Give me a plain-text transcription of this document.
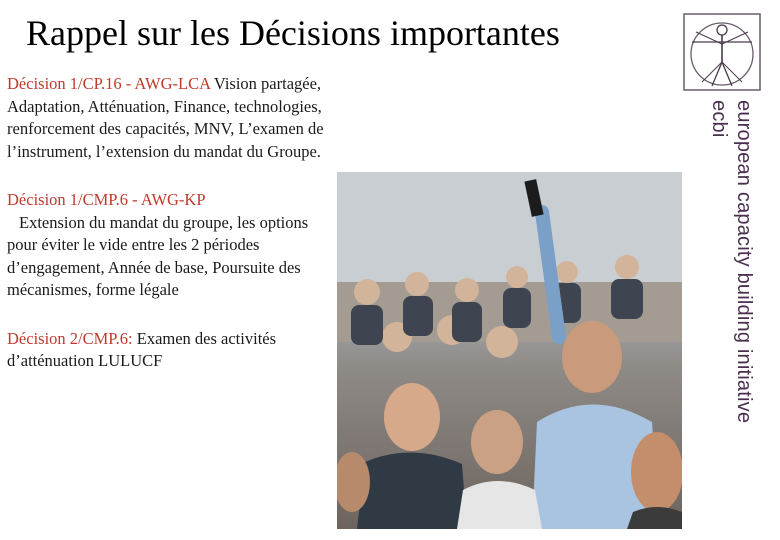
Rappel sur les Décisions importantes
european capacity building initiative
ecbi

Décision 1/CP.16 - AWG-LCA Vision partagée, Adaptation, Atténuation, Finance, technologies, renforcement des capacités, MNV, L’examen de l’instrument, l’extension du mandat du Groupe.

Décision 1/CMP.6 - AWG-KP
Extension du mandat du groupe, les options pour éviter le vide entre les 2 périodes d’engagement, Année de base, Poursuite des mécanismes, forme légale

Décision 2/CMP.6: Examen des activités d’atténuation LULUCF
